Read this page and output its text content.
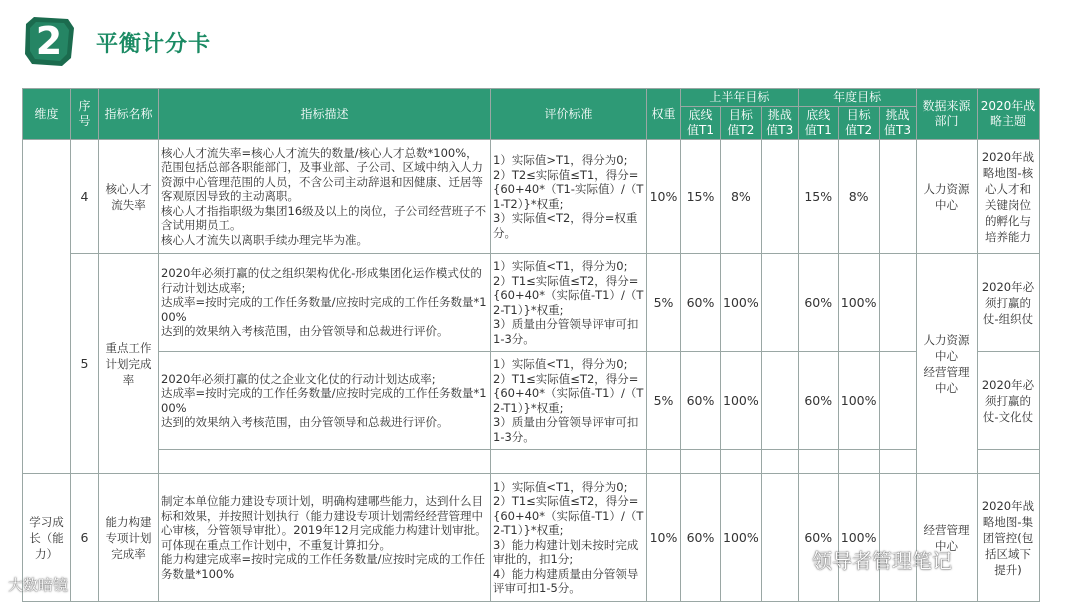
2	平衡计分卡
维度	序号	指标名称	指标描述	评价标准	权重	上半年目标			年度目标			数据来源部门	2020年战略主题
						底线值T1	目标值T2	挑战值T3	底线值T1	目标值T2	挑战值T3		
	4	核心人才流失率	核心人才流失率=核心人才流失的数量/核心人才总数*100%，范围包括总部各职能部门，及事业部、子公司、区域中纳入人力资源中心管理范围的人员，不含公司主动辞退和因健康、迁居等客观原因导致的主动离职。
核心人才指指职级为集团16级及以上的岗位，子公司经营班子不含试用期员工。
核心人才流失以离职手续办理完毕为准。	1）实际值>T1，得分为0;
2）T2≤实际值≤T1，得分={60+40*（T1-实际值）/（T1-T2）}*权重;
3）实际值<T2，得分=权重分。	10%	15%	8%		15%	8%		人力资源中心	2020年战略地图-核心人才和关键岗位的孵化与培养能力
	5	重点工作计划完成率	2020年必须打赢的仗之组织架构优化-形成集团化运作模式仗的行动计划达成率;
达成率=按时完成的工作任务数量/应按时完成的工作任务数量*100%
达到的效果纳入考核范围，由分管领导和总裁进行评价。	1）实际值<T1，得分为0;
2）T1≤实际值≤T2，得分={60+40*（实际值-T1）/（T2-T1）}*权重;
3）质量由分管领导评审可扣1-3分。	5%	60%	100%		60%	100%		人力资源中心
经营管理中心	2020年必须打赢的仗-组织仗
			2020年必须打赢的仗之企业文化仗的行动计划达成率;
达成率=按时完成的工作任务数量/应按时完成的工作任务数量*100%
达到的效果纳入考核范围，由分管领导和总裁进行评价。	1）实际值<T1，得分为0;
2）T1≤实际值≤T2，得分={60+40*（实际值-T1）/（T2-T1）}*权重;
3）质量由分管领导评审可扣1-3分。	5%	60%	100%		60%	100%			2020年必须打赢的仗-文化仗

学习成长（能力）	6	能力构建专项计划完成率	制定本单位能力建设专项计划，明确构建哪些能力，达到什么目标和效果，并按照计划执行（能力建设专项计划需经经营管理中心审核，分管领导审批）。2019年12月完成能力构建计划审批。可体现在重点工作计划中，不重复计算扣分。
能力构建完成率=按时完成的工作任务数量/应按时完成的工作任务数量*100%	1）实际值<T1，得分为0;
2）T1≤实际值≤T2，得分={60+40*（实际值-T1）/（T2-T1）}*权重;
3）能力构建计划未按时完成审批的，扣1分;
4）能力构建质量由分管领导评审可扣1-5分。	10%	60%	100%		60%	100%		经营管理中心	2020年战略地图-集团管控(包括区域下提升)
大数暗镜
领导者管理笔记
